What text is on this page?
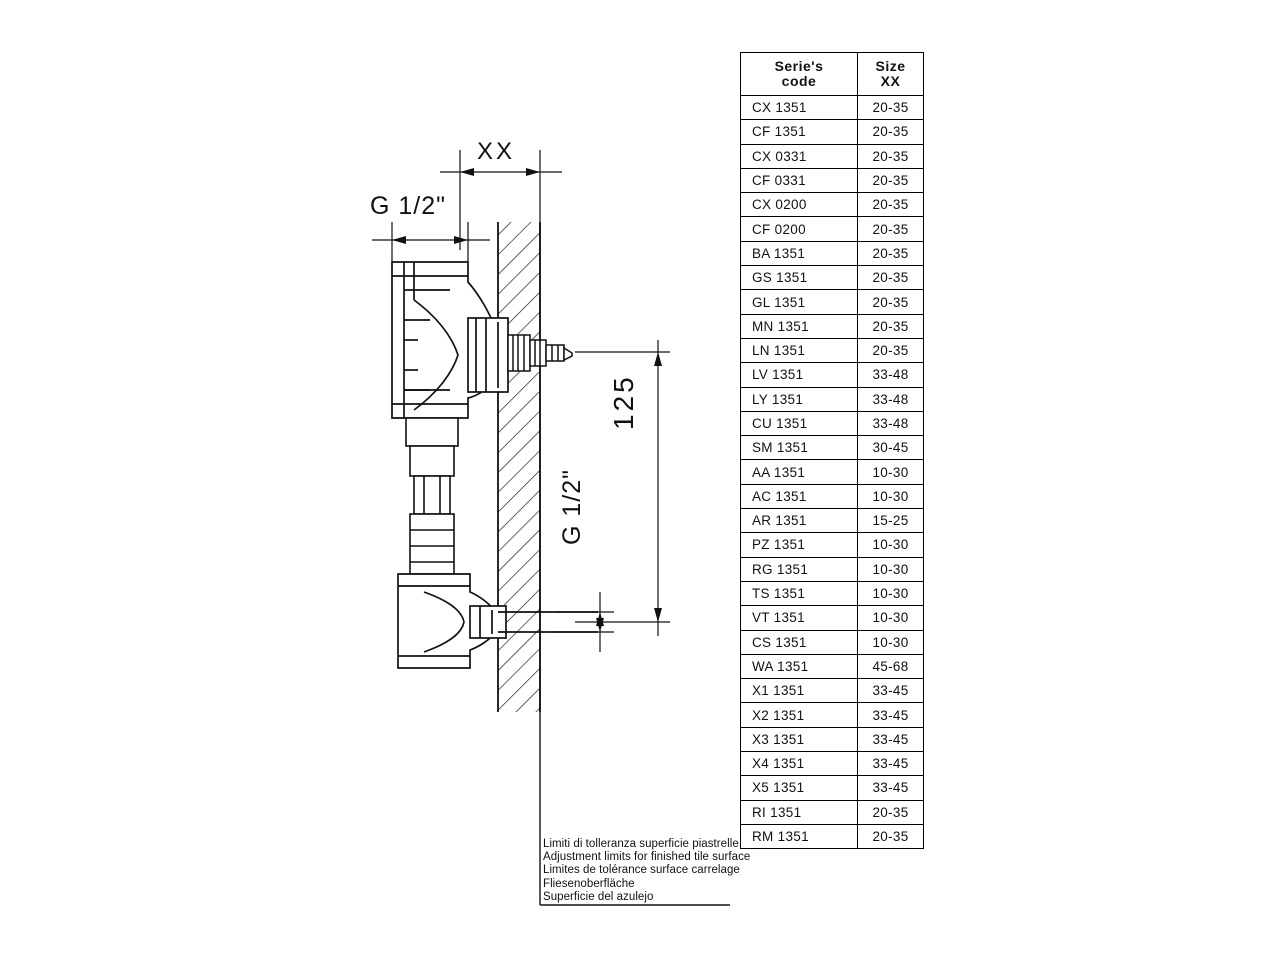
XX
G 1/2"
125
G 1/2"
Limiti di tolleranza superficie piastrelle
Adjustment limits for finished tile surface
Limites de tolérance surface carrelage
Fliesenoberfläche
Superficie del azulejo
Serie's
code	Size
XX
CX 1351	20-35
CF 1351	20-35
CX 0331	20-35
CF 0331	20-35
CX 0200	20-35
CF 0200	20-35
BA 1351	20-35
GS 1351	20-35
GL 1351	20-35
MN 1351	20-35
LN 1351	20-35
LV 1351	33-48
LY 1351	33-48
CU 1351	33-48
SM 1351	30-45
AA 1351	10-30
AC 1351	10-30
AR 1351	15-25
PZ 1351	10-30
RG 1351	10-30
TS 1351	10-30
VT 1351	10-30
CS 1351	10-30
WA 1351	45-68
X1 1351	33-45
X2 1351	33-45
X3 1351	33-45
X4 1351	33-45
X5 1351	33-45
RI 1351	20-35
RM 1351	20-35
